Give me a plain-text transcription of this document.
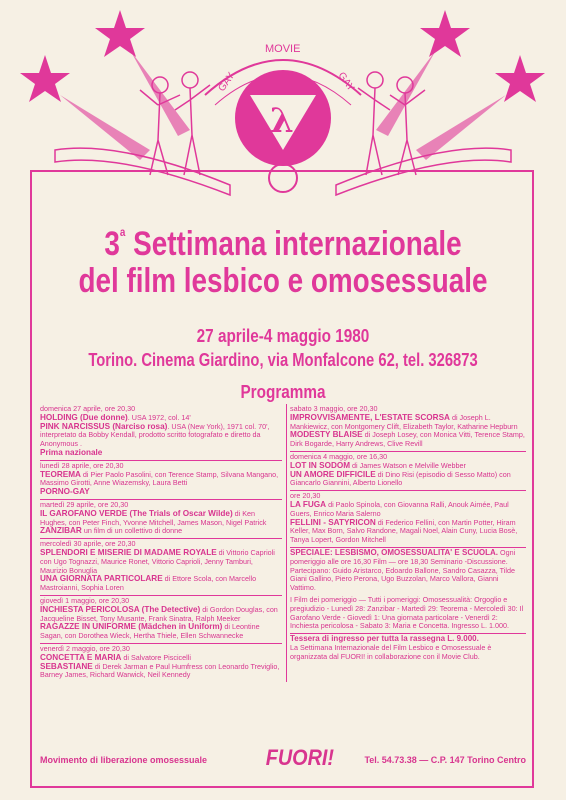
GAY
MOVIE
GAY
λ
3$^a$ Settimana internazionale
del film lesbico e omosessuale
27 aprile-4 maggio 1980
Torino. Cinema Giardino, via Monfalcone 62, tel. 326873
Programma
domenica 27 aprile, ore 20,30
HOLDING (Due donne). USA 1972, col. 14'
PINK NARCISSUS (Narciso rosa). USA (New York), 1971 col. 70', interpretato da Bobby Kendall, prodotto scritto fotografato e diretto da Anonymous .
Prima nazionale
lunedì 28 aprile, ore 20,30
TEOREMA di Pier Paolo Pasolini, con Terence Stamp, Silvana Mangano, Massimo Girotti, Anne Wiazemsky, Laura Betti
PORNO-GAY
martedì 29 aprile, ore 20,30
IL GAROFANO VERDE (The Trials of Oscar Wilde) di Ken Hughes, con Peter Finch, Yvonne Mitchell, James Mason, Nigel Patrick
ZANZIBAR un film di un collettivo di donne
mercoledì 30 aprile, ore 20,30
SPLENDORI E MISERIE DI MADAME ROYALE di Vittorio Caprioli con Ugo Tognazzi, Maurice Ronet, Vittorio Caprioli, Jenny Tamburi, Maurizio Bonuglia
UNA GIORNATA PARTICOLARE di Ettore Scola, con Marcello Mastroianni, Sophia Loren
giovedì 1 maggio, ore 20,30
INCHIESTA PERICOLOSA (The Detective) di Gordon Douglas, con Jacqueline Bisset, Tony Musante, Frank Sinatra, Ralph Meeker
RAGAZZE IN UNIFORME (Mädchen in Uniform) di Leontine Sagan, con Dorothea Wieck, Hertha Thiele, Ellen Schwannecke
venerdì 2 maggio, ore 20,30
CONCETTA E MARIA di Salvatore Piscicelli
SEBASTIANE di Derek Jarman e Paul Humfress con Leonardo Treviglio, Barney James, Richard Warwick, Neil Kennedy
sabato 3 maggio, ore 20,30
IMPROVVISAMENTE, L'ESTATE SCORSA di Joseph L. Mankiewicz, con Montgomery Clift, Elizabeth Taylor, Katharine Hepburn
MODESTY BLAISE di Joseph Losey, con Monica Vitti, Terence Stamp, Dirk Bogarde, Harry Andrews, Clive Revill
domenica 4 maggio, ore 16,30
LOT IN SODOM di James Watson e Melville Webber
UN AMORE DIFFICILE di Dino Risi (episodio di Sesso Matto) con Giancarlo Giannini, Alberto Lionello
ore 20,30
LA FUGA di Paolo Spinola, con Giovanna Ralli, Anouk Aimée, Paul Guers, Enrico Maria Salerno
FELLINI - SATYRICON di Federico Fellini, con Martin Potter, Hiram Keller, Max Born, Salvo Randone, Magali Noel, Alain Cuny, Lucia Bosè, Tanya Lopert, Gordon Mitchell
SPECIALE: LESBISMO, OMOSESSUALITA' E SCUOLA. Ogni pomeriggio alle ore 16,30 Film — ore 18,30 Seminario -Discussione. Partecipano: Guido Aristarco, Edoardo Ballone, Sandro Casazza, Tilde Giani Gallino, Piero Perona, Ugo Buzzolan, Marco Vallora, Gianni Vattimo.
I Film dei pomeriggio — Tutti i pomeriggi: Omosessualità: Orgoglio e pregiudizio - Lunedì 28: Zanzibar - Martedì 29: Teorema - Mercoledì 30: Il Garofano Verde - Giovedì 1: Una giornata particolare - Venerdì 2: Inchiesta pericolosa - Sabato 3: Maria e Concetta. Ingresso L. 1.000.
Tessera di ingresso per tutta la rassegna L. 9.000.
La Settimana Internazionale del Film Lesbico e Omosessuale è organizzata dal FUORI! in collaborazione con il Movie Club.
Movimento di liberazione omosessuale	FUORI!	Tel. 54.73.38 — C.P. 147 Torino Centro
